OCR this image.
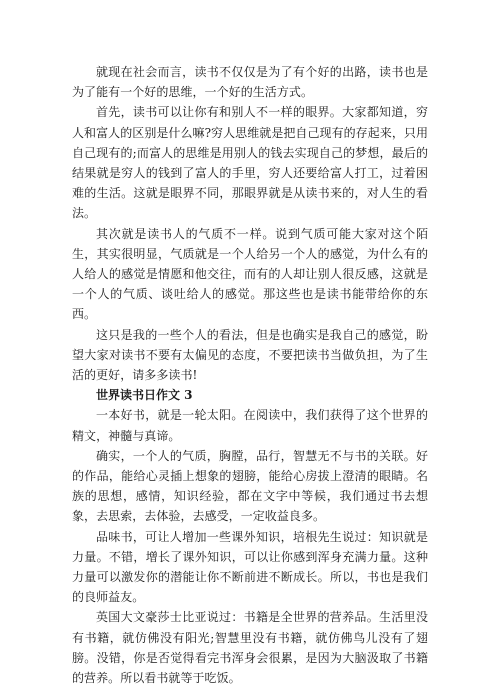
就现在社会而言，读书不仅仅是为了有个好的出路，读书也是为了能有一个好的思维，一个好的生活方式。

首先，读书可以让你有和别人不一样的眼界。大家都知道，穷人和富人的区别是什么嘛?穷人思维就是把自己现有的存起来，只用自己现有的;而富人的思维是用别人的钱去实现自己的梦想，最后的结果就是穷人的钱到了富人的手里，穷人还要给富人打工，过着困难的生活。这就是眼界不同，那眼界就是从读书来的，对人生的看法。

其次就是读书人的气质不一样。说到气质可能大家对这个陌生，其实很明显，气质就是一个人给另一个人的感觉，为什么有的人给人的感觉是情愿和他交往，而有的人却让别人很反感，这就是一个人的气质、谈吐给人的感觉。那这些也是读书能带给你的东西。

这只是我的一些个人的看法，但是也确实是我自己的感觉，盼望大家对读书不要有太偏见的态度，不要把读书当做负担，为了生活的更好，请多多读书!

世界读书日作文 3

一本好书，就是一轮太阳。在阅读中，我们获得了这个世界的精文，神髓与真谛。

确实，一个人的气质，胸膛，品行，智慧无不与书的关联。好的作品，能给心灵插上想象的翅膀，能给心房拔上澄清的眼睛。名族的思想，感情，知识经验，都在文字中等候，我们通过书去想象，去思索，去体验，去感受，一定收益良多。

品味书，可让人增加一些课外知识，培根先生说过：知识就是力量。不错，增长了课外知识，可以让你感到浑身充满力量。这种力量可以激发你的潜能让你不断前进不断成长。所以，书也是我们的良师益友。

英国大文豪莎士比亚说过：书籍是全世界的营养品。生活里没有书籍，就仿佛没有阳光;智慧里没有书籍，就仿佛鸟儿没有了翅膀。没错，你是否觉得看完书浑身会很累，是因为大脑汲取了书籍的营养。所以看书就等于吃饭。
